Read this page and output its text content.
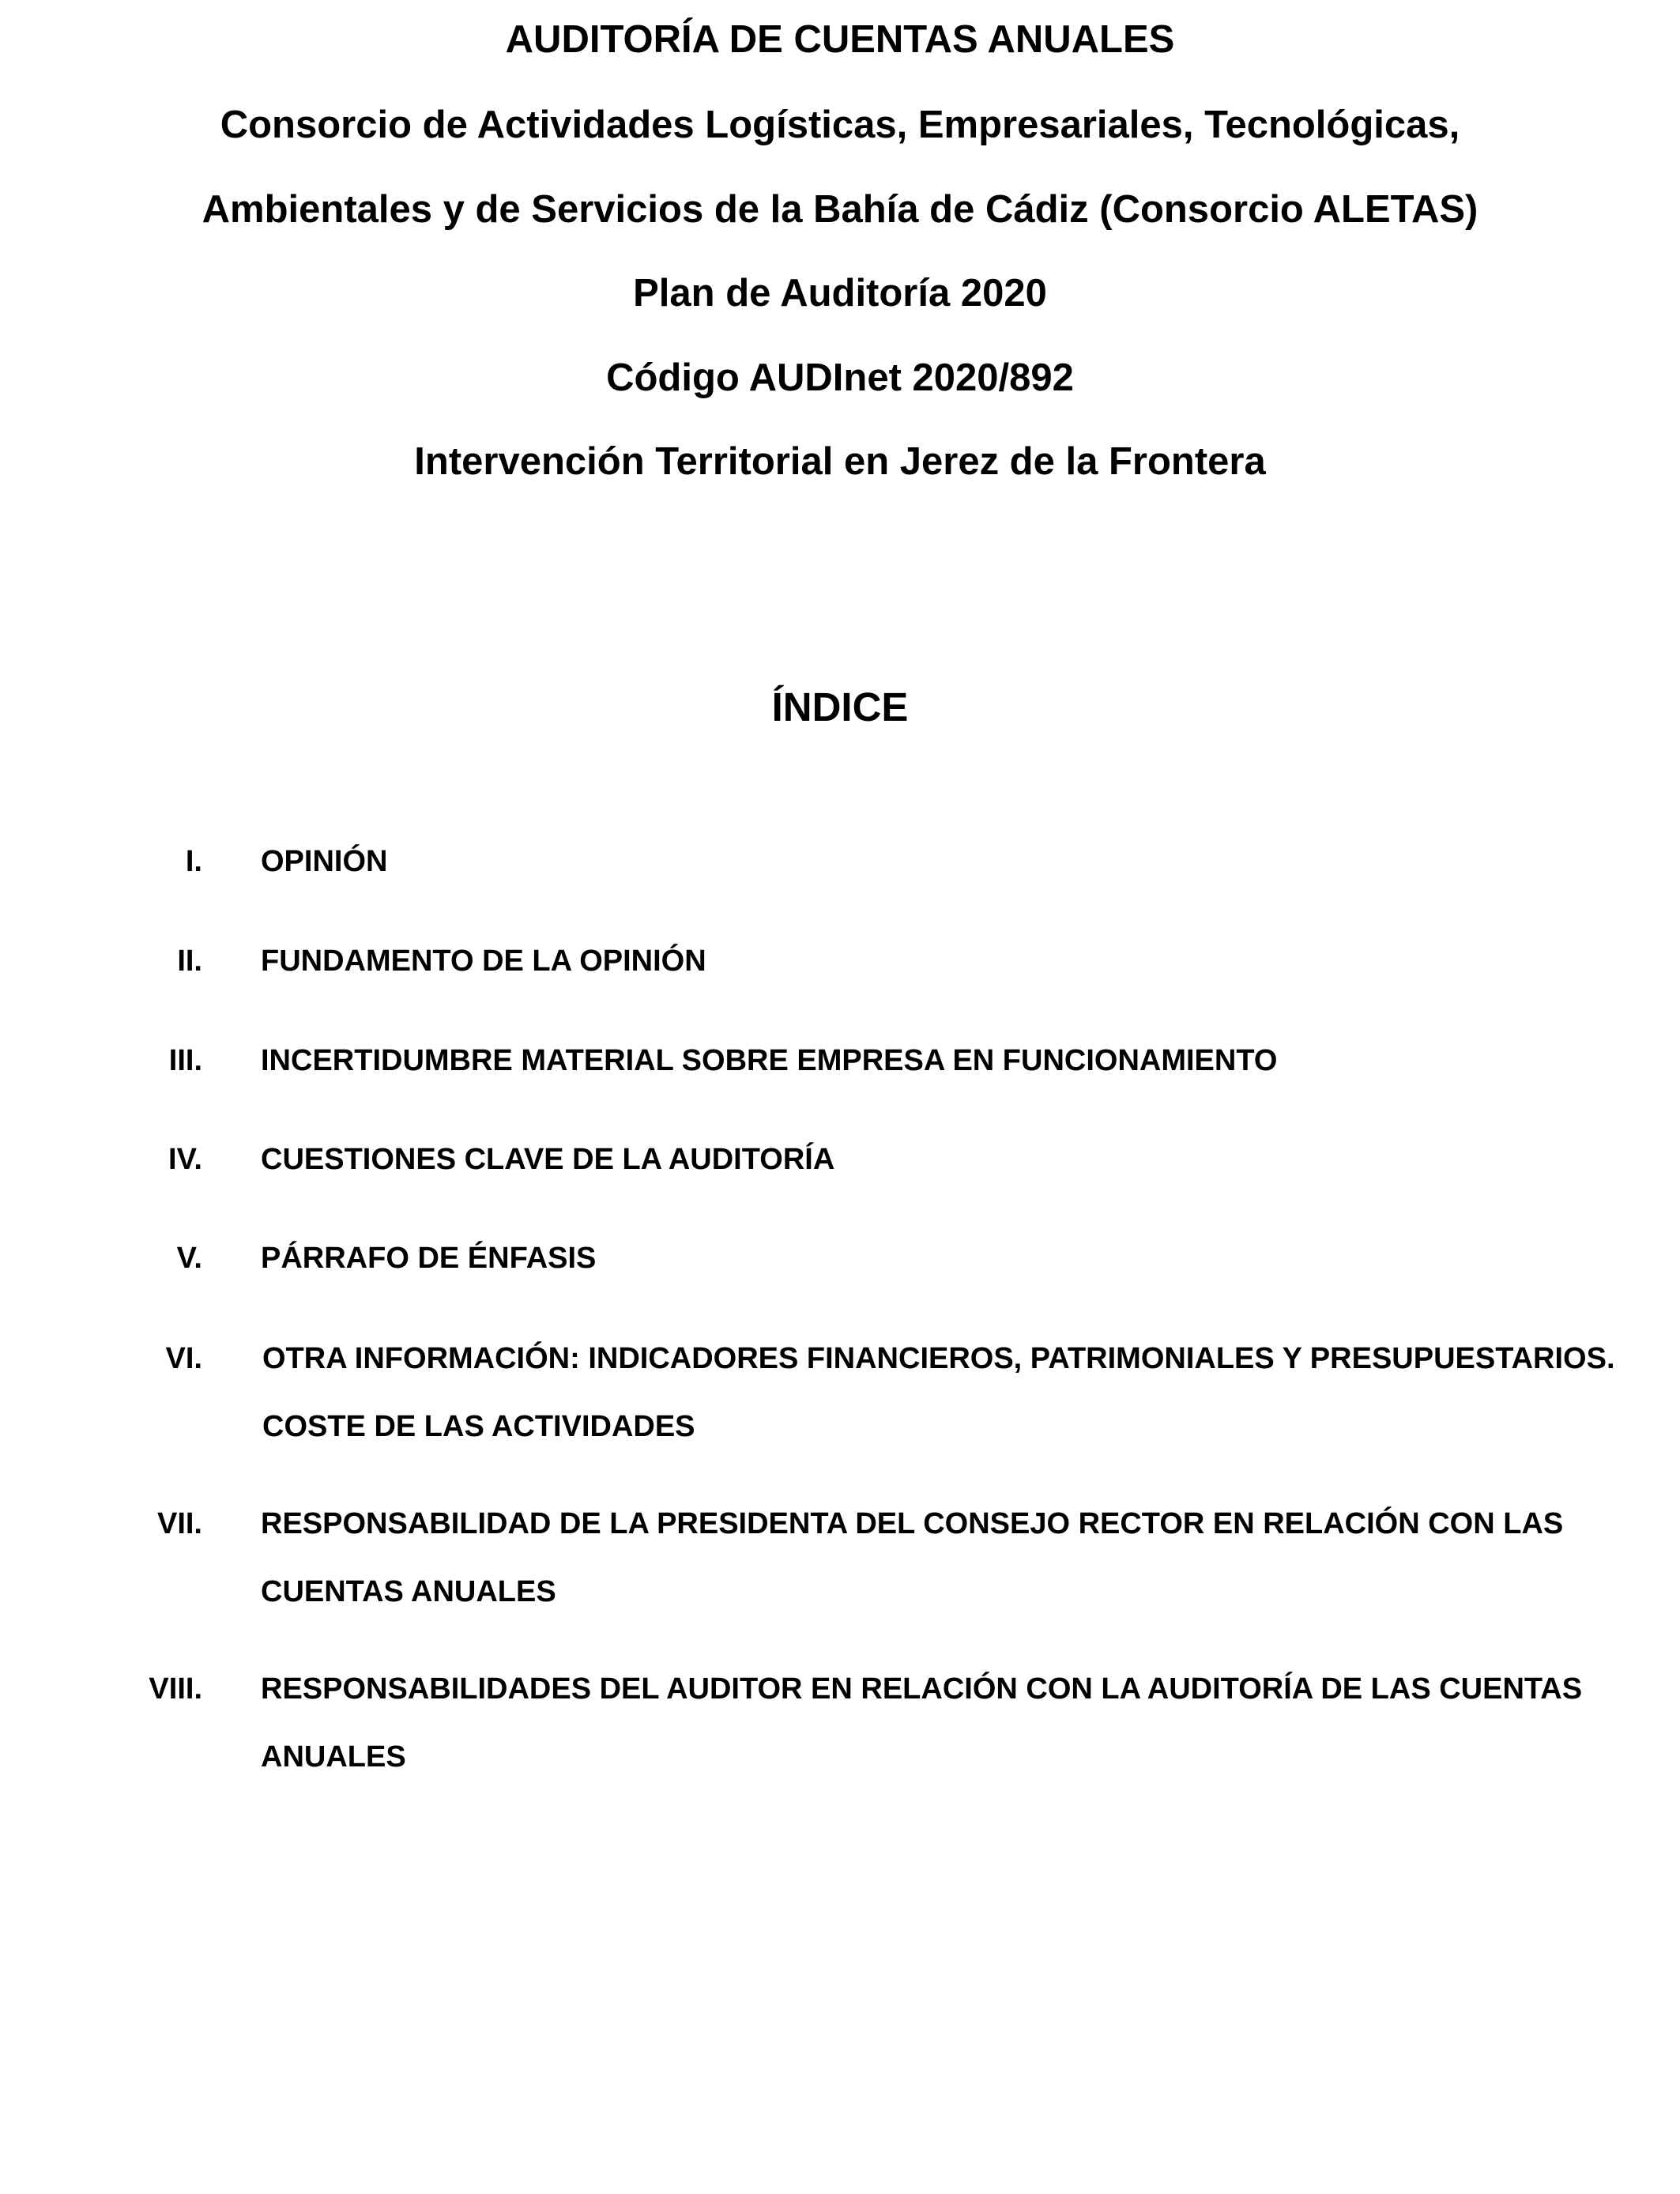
AUDITORÍA DE CUENTAS ANUALES
Consorcio de Actividades Logísticas, Empresariales, Tecnológicas,
Ambientales y de Servicios de la Bahía de Cádiz (Consorcio ALETAS)
Plan de Auditoría 2020
Código AUDInet 2020/892
Intervención Territorial en Jerez de la Frontera
ÍNDICE
I. OPINIÓN
II. FUNDAMENTO DE LA OPINIÓN
III. INCERTIDUMBRE MATERIAL SOBRE EMPRESA EN FUNCIONAMIENTO
IV. CUESTIONES CLAVE DE LA AUDITORÍA
V. PÁRRAFO DE ÉNFASIS
VI. OTRA INFORMACIÓN: INDICADORES FINANCIEROS, PATRIMONIALES Y PRESUPUESTARIOS. COSTE DE LAS ACTIVIDADES
VII. RESPONSABILIDAD DE LA PRESIDENTA DEL CONSEJO RECTOR EN RELACIÓN CON LAS CUENTAS ANUALES
VIII. RESPONSABILIDADES DEL AUDITOR EN RELACIÓN CON LA AUDITORÍA DE LAS CUENTAS ANUALES
